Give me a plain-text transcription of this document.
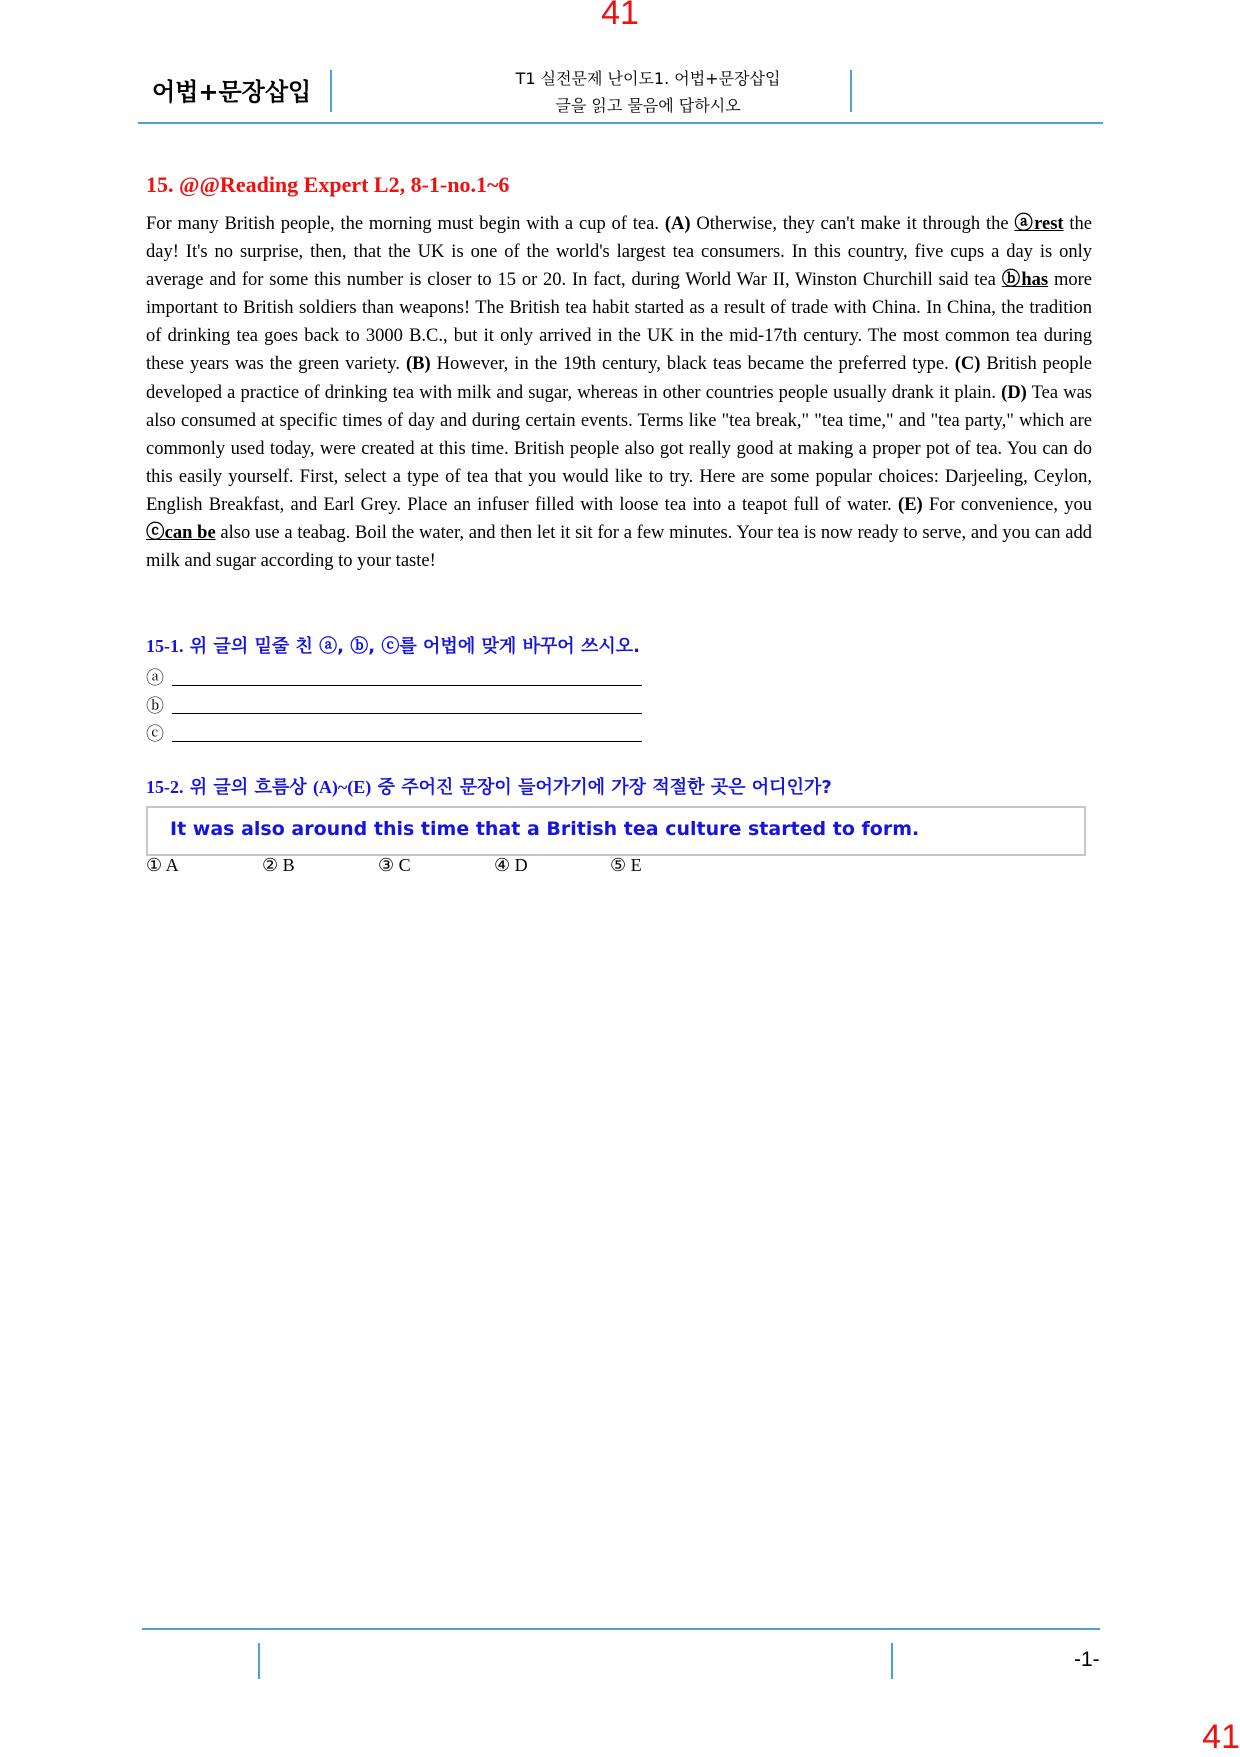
41
어법+문장삽입	T1 실전문제 난이도1. 어법+문장삽입
글을 읽고 물음에 답하시오
15. @@Reading Expert L2, 8-1-no.1~6
For many British people, the morning must begin with a cup of tea. (A) Otherwise, they can't make it through the ⓐrest the day! It's no surprise, then, that the UK is one of the world's largest tea consumers. In this country, five cups a day is only average and for some this number is closer to 15 or 20. In fact, during World War II, Winston Churchill said tea ⓑhas more important to British soldiers than weapons! The British tea habit started as a result of trade with China. In China, the tradition of drinking tea goes back to 3000 B.C., but it only arrived in the UK in the mid-17th century. The most common tea during these years was the green variety. (B) However, in the 19th century, black teas became the preferred type. (C) British people developed a practice of drinking tea with milk and sugar, whereas in other countries people usually drank it plain. (D) Tea was also consumed at specific times of day and during certain events. Terms like "tea break," "tea time," and "tea party," which are commonly used today, were created at this time. British people also got really good at making a proper pot of tea. You can do this easily yourself. First, select a type of tea that you would like to try. Here are some popular choices: Darjeeling, Ceylon, English Breakfast, and Earl Grey. Place an infuser filled with loose tea into a teapot full of water. (E) For convenience, you ⓒcan be also use a teabag. Boil the water, and then let it sit for a few minutes. Your tea is now ready to serve, and you can add milk and sugar according to your taste!
15-1. 위 글의 밑줄 친 ⓐ, ⓑ, ⓒ를 어법에 맞게 바꾸어 쓰시오.
ⓐ
ⓑ
ⓒ
15-2. 위 글의 흐름상 (A)~(E) 중 주어진 문장이 들어가기에 가장 적절한 곳은 어디인가?
It was also around this time that a British tea culture started to form.
① A	② B	③ C	④ D	⑤ E
-1-
41
